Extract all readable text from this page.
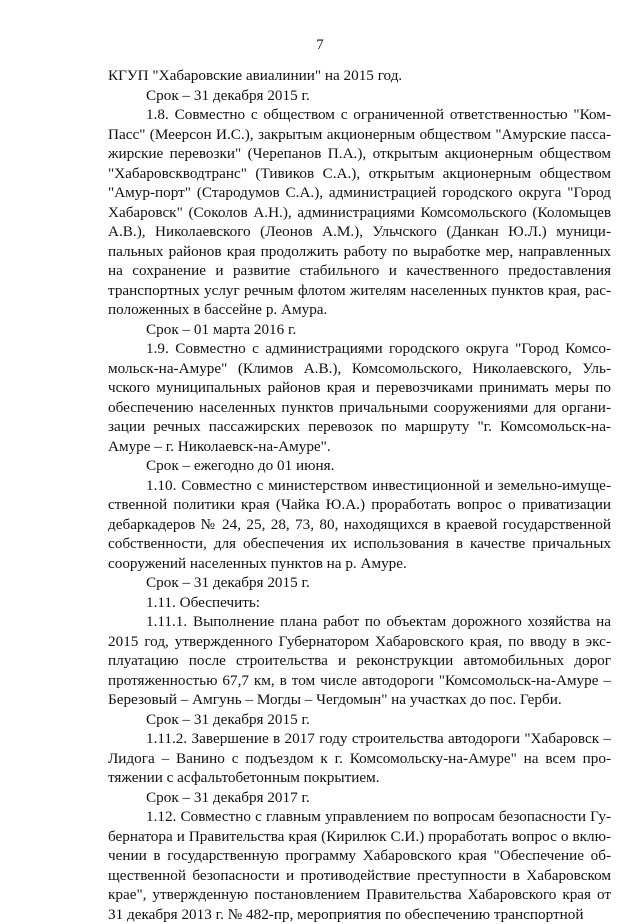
7

КГУП "Хабаровские авиалинии" на 2015 год.

Срок – 31 декабря 2015 г.

1.8. Совместно с обществом с ограниченной ответственностью "КомПасс" (Меерсон И.С.), закрытым акционерным обществом "Амурские пассажирские перевозки" (Черепанов П.А.), открытым акционерным обществом "Хабаровскводтранс" (Тивиков С.А.), открытым акционерным обществом "Амур-порт" (Стародумов С.А.), администрацией городского округа "Город Хабаровск" (Соколов А.Н.), администрациями Комсомольского (Коломыцев А.В.), Николаевского (Леонов А.М.), Ульчского (Данкан Ю.Л.) муниципальных районов края продолжить работу по выработке мер, направленных на сохранение и развитие стабильного и качественного предоставления транспортных услуг речным флотом жителям населенных пунктов края, расположенных в бассейне р. Амура.

Срок – 01 марта 2016 г.

1.9. Совместно с администрациями городского округа "Город Комсомольск-на-Амуре" (Климов А.В.), Комсомольского, Николаевского, Ульчского муниципальных районов края и перевозчиками принимать меры по обеспечению населенных пунктов причальными сооружениями для организации речных пассажирских перевозок по маршруту "г. Комсомольск-на-Амуре – г. Николаевск-на-Амуре".

Срок – ежегодно до 01 июня.

1.10. Совместно с министерством инвестиционной и земельно-имущественной политики края (Чайка Ю.А.) проработать вопрос о приватизации дебаркадеров № 24, 25, 28, 73, 80, находящихся в краевой государственной собственности, для обеспечения их использования в качестве причальных сооружений населенных пунктов на р. Амуре.

Срок – 31 декабря 2015 г.

1.11. Обеспечить:

1.11.1. Выполнение плана работ по объектам дорожного хозяйства на 2015 год, утвержденного Губернатором Хабаровского края, по вводу в эксплуатацию после строительства и реконструкции автомобильных дорог протяженностью 67,7 км, в том числе автодороги "Комсомольск-на-Амуре – Березовый – Амгунь – Могды – Чегдомын" на участках до пос. Герби.

Срок – 31 декабря 2015 г.

1.11.2. Завершение в 2017 году строительства автодороги "Хабаровск – Лидога – Ванино с подъездом к г. Комсомольску-на-Амуре" на всем протяжении с асфальтобетонным покрытием.

Срок – 31 декабря 2017 г.

1.12. Совместно с главным управлением по вопросам безопасности Губернатора и Правительства края (Кирилюк С.И.) проработать вопрос о включении в государственную программу Хабаровского края "Обеспечение общественной безопасности и противодействие преступности в Хабаровском крае", утвержденную постановлением Правительства Хабаровского края от 31 декабря 2013 г. № 482-пр, мероприятия по обеспечению транспортной
